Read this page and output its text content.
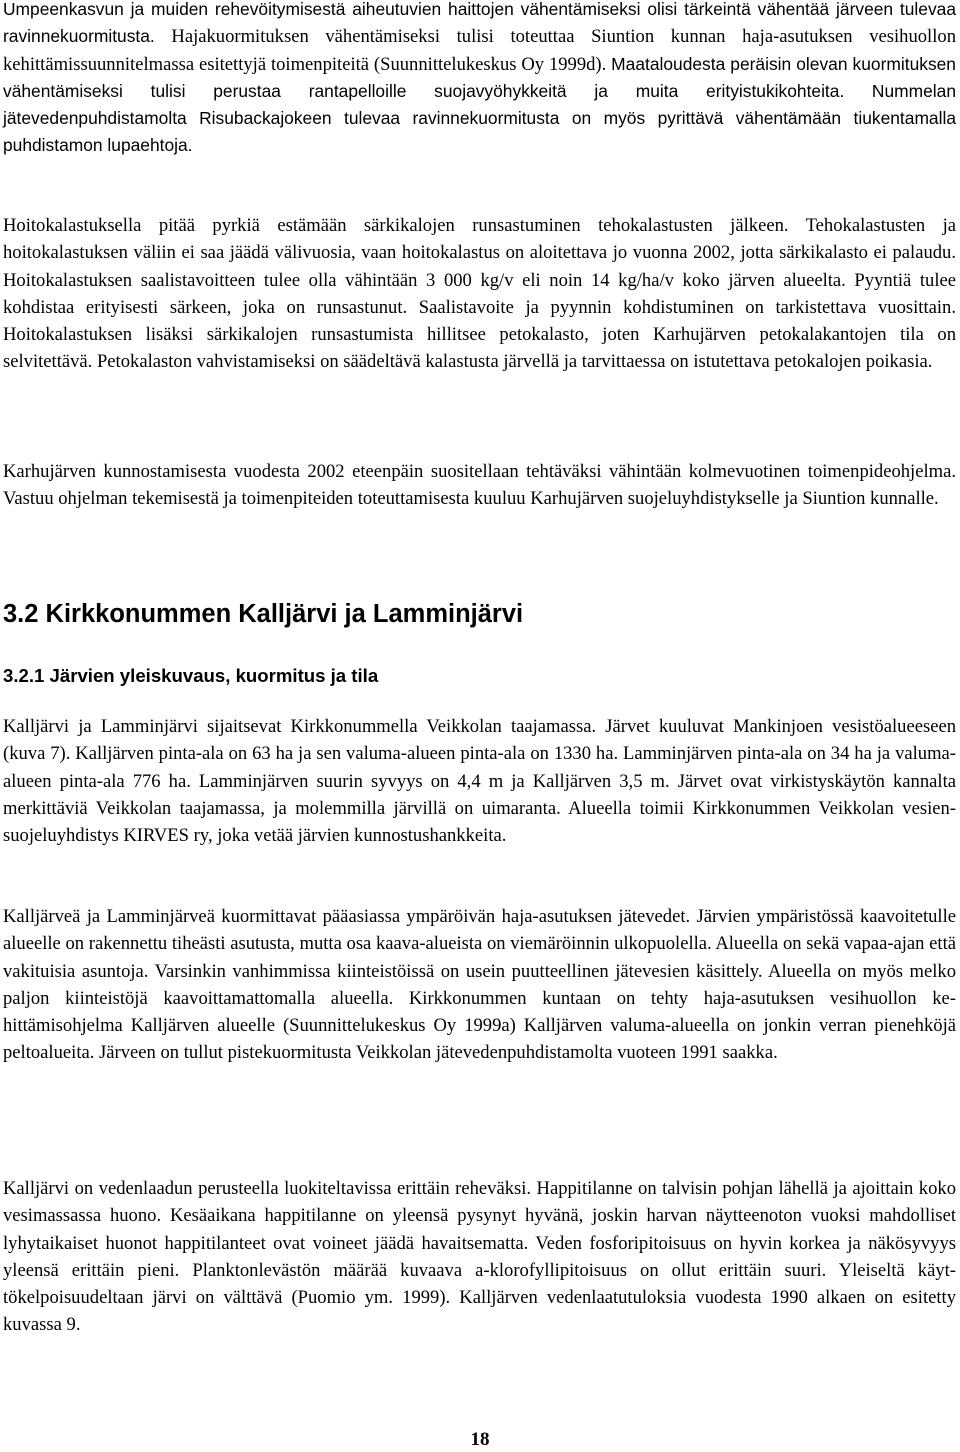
Umpeenkasvun ja muiden rehevöitymisestä aiheutuvien haittojen vähentämiseksi olisi tärkeintä vähentää järveen tulevaa ravinnekuormitusta. Hajakuormituksen vähentämiseksi tulisi toteuttaa Siuntion kunnan haja-asutuksen vesihuollon kehittämissuunnitelmassa esitettyjä toimenpiteitä (Suunnittelukeskus Oy 1999d). Maataloudesta peräisin olevan kuormituksen vähentämiseksi tulisi perustaa rantapelloille suojavyöhykkeitä ja muita erityistukikohteita. Nummelan jätevedenpuhdistamolta Risubackajokeen tulevaa ravinnekuormitusta on myös pyrittävä vähentämään tiukentamalla puhdistamon lupaehtoja.

Hoitokalastuksella pitää pyrkiä estämään särkikalojen runsastuminen tehokalastusten jälkeen. Tehokalastusten ja hoitokalastuksen väliin ei saa jäädä välivuosia, vaan hoitokalastus on aloitettava jo vuonna 2002, jotta särkikalasto ei palaudu. Hoitokalastuksen saalistavoitteen tulee olla vähintään 3 000 kg/v eli noin 14 kg/ha/v koko järven alueelta. Pyyntiä tulee kohdistaa erityisesti särkeen, joka on runsastunut. Saalistavoite ja pyynnin kohdistuminen on tarkistettava vuosittain. Hoitokalastuksen lisäksi särkikalojen runsastumista hillitsee petokalasto, joten Karhujärven petokalakantojen tila on selvitettävä. Petokalaston vahvistamiseksi on säädeltävä kalastusta järvellä ja tarvittaessa on istutettava petokalojen poikasia.

Karhujärven kunnostamisesta vuodesta 2002 eteenpäin suositellaan tehtäväksi vähintään kolmevuotinen toimenpideohjelma. Vastuu ohjelman tekemisestä ja toimenpiteiden toteuttamisesta kuuluu Karhujärven suojeluyhdistykselle ja Siuntion kunnalle.

3.2 Kirkkonummen Kalljärvi ja Lamminjärvi
3.2.1 Järvien yleiskuvaus, kuormitus ja tila

Kalljärvi ja Lamminjärvi sijaitsevat Kirkkonummella Veikkolan taajamassa. Järvet kuuluvat Mankinjoen vesistöalueeseen (kuva 7). Kalljärven pinta-ala on 63 ha ja sen valuma-alueen pinta-ala on 1330 ha. Lamminjärven pinta-ala on 34 ha ja valuma-alueen pinta-ala 776 ha. Lamminjärven suurin syvyys on 4,4 m ja Kalljärven 3,5 m. Järvet ovat virkistyskäytön kannalta merkittäviä Veikkolan taajamassa, ja molemmilla järvillä on uimaranta. Alueella toimii Kirkkonummen Veikkolan vesiensuojeluyhdistys KIRVES ry, joka vetää järvien kunnostushankkeita.

Kalljärveä ja Lamminjärveä kuormittavat pääasiassa ympäröivän haja-asutuksen jätevedet. Järvien ympäristössä kaavoitetulle alueelle on rakennettu tiheästi asutusta, mutta osa kaava-alueista on viemäröinnin ulkopuolella. Alueella on sekä vapaa-ajan että vakituisia asuntoja. Varsinkin vanhimmissa kiinteistöissä on usein puutteellinen jätevesien käsittely. Alueella on myös melko paljon kiinteistöjä kaavoittamattomalla alueella. Kirkkonummen kuntaan on tehty haja-asutuksen vesihuollon kehittämisohjelma Kalljärven alueelle (Suunnittelukeskus Oy 1999a) Kalljärven valuma-alueella on jonkin verran pienehköjä peltoalueita. Järveen on tullut pistekuormitusta Veikkolan jätevedenpuhdistamolta vuoteen 1991 saakka.

Kalljärvi on vedenlaadun perusteella luokiteltavissa erittäin reheväksi. Happitilanne on talvisin pohjan lähellä ja ajoittain koko vesimassassa huono. Kesäaikana happitilanne on yleensä pysynyt hyvänä, joskin harvan näytteenoton vuoksi mahdolliset lyhytaikaiset huonot happitilanteet ovat voineet jäädä havaitsematta. Veden fosforipitoisuus on hyvin korkea ja näkösyvyys yleensä erittäin pieni. Planktonlevästön määrää kuvaava a-klorofyllipitoisuus on ollut erittäin suuri. Yleiseltä käyttökelpoisuudeltaan järvi on välttävä (Puomio ym. 1999). Kalljärven vedenlaatutuloksia vuodesta 1990 alkaen on esitetty kuvassa 9.

18
